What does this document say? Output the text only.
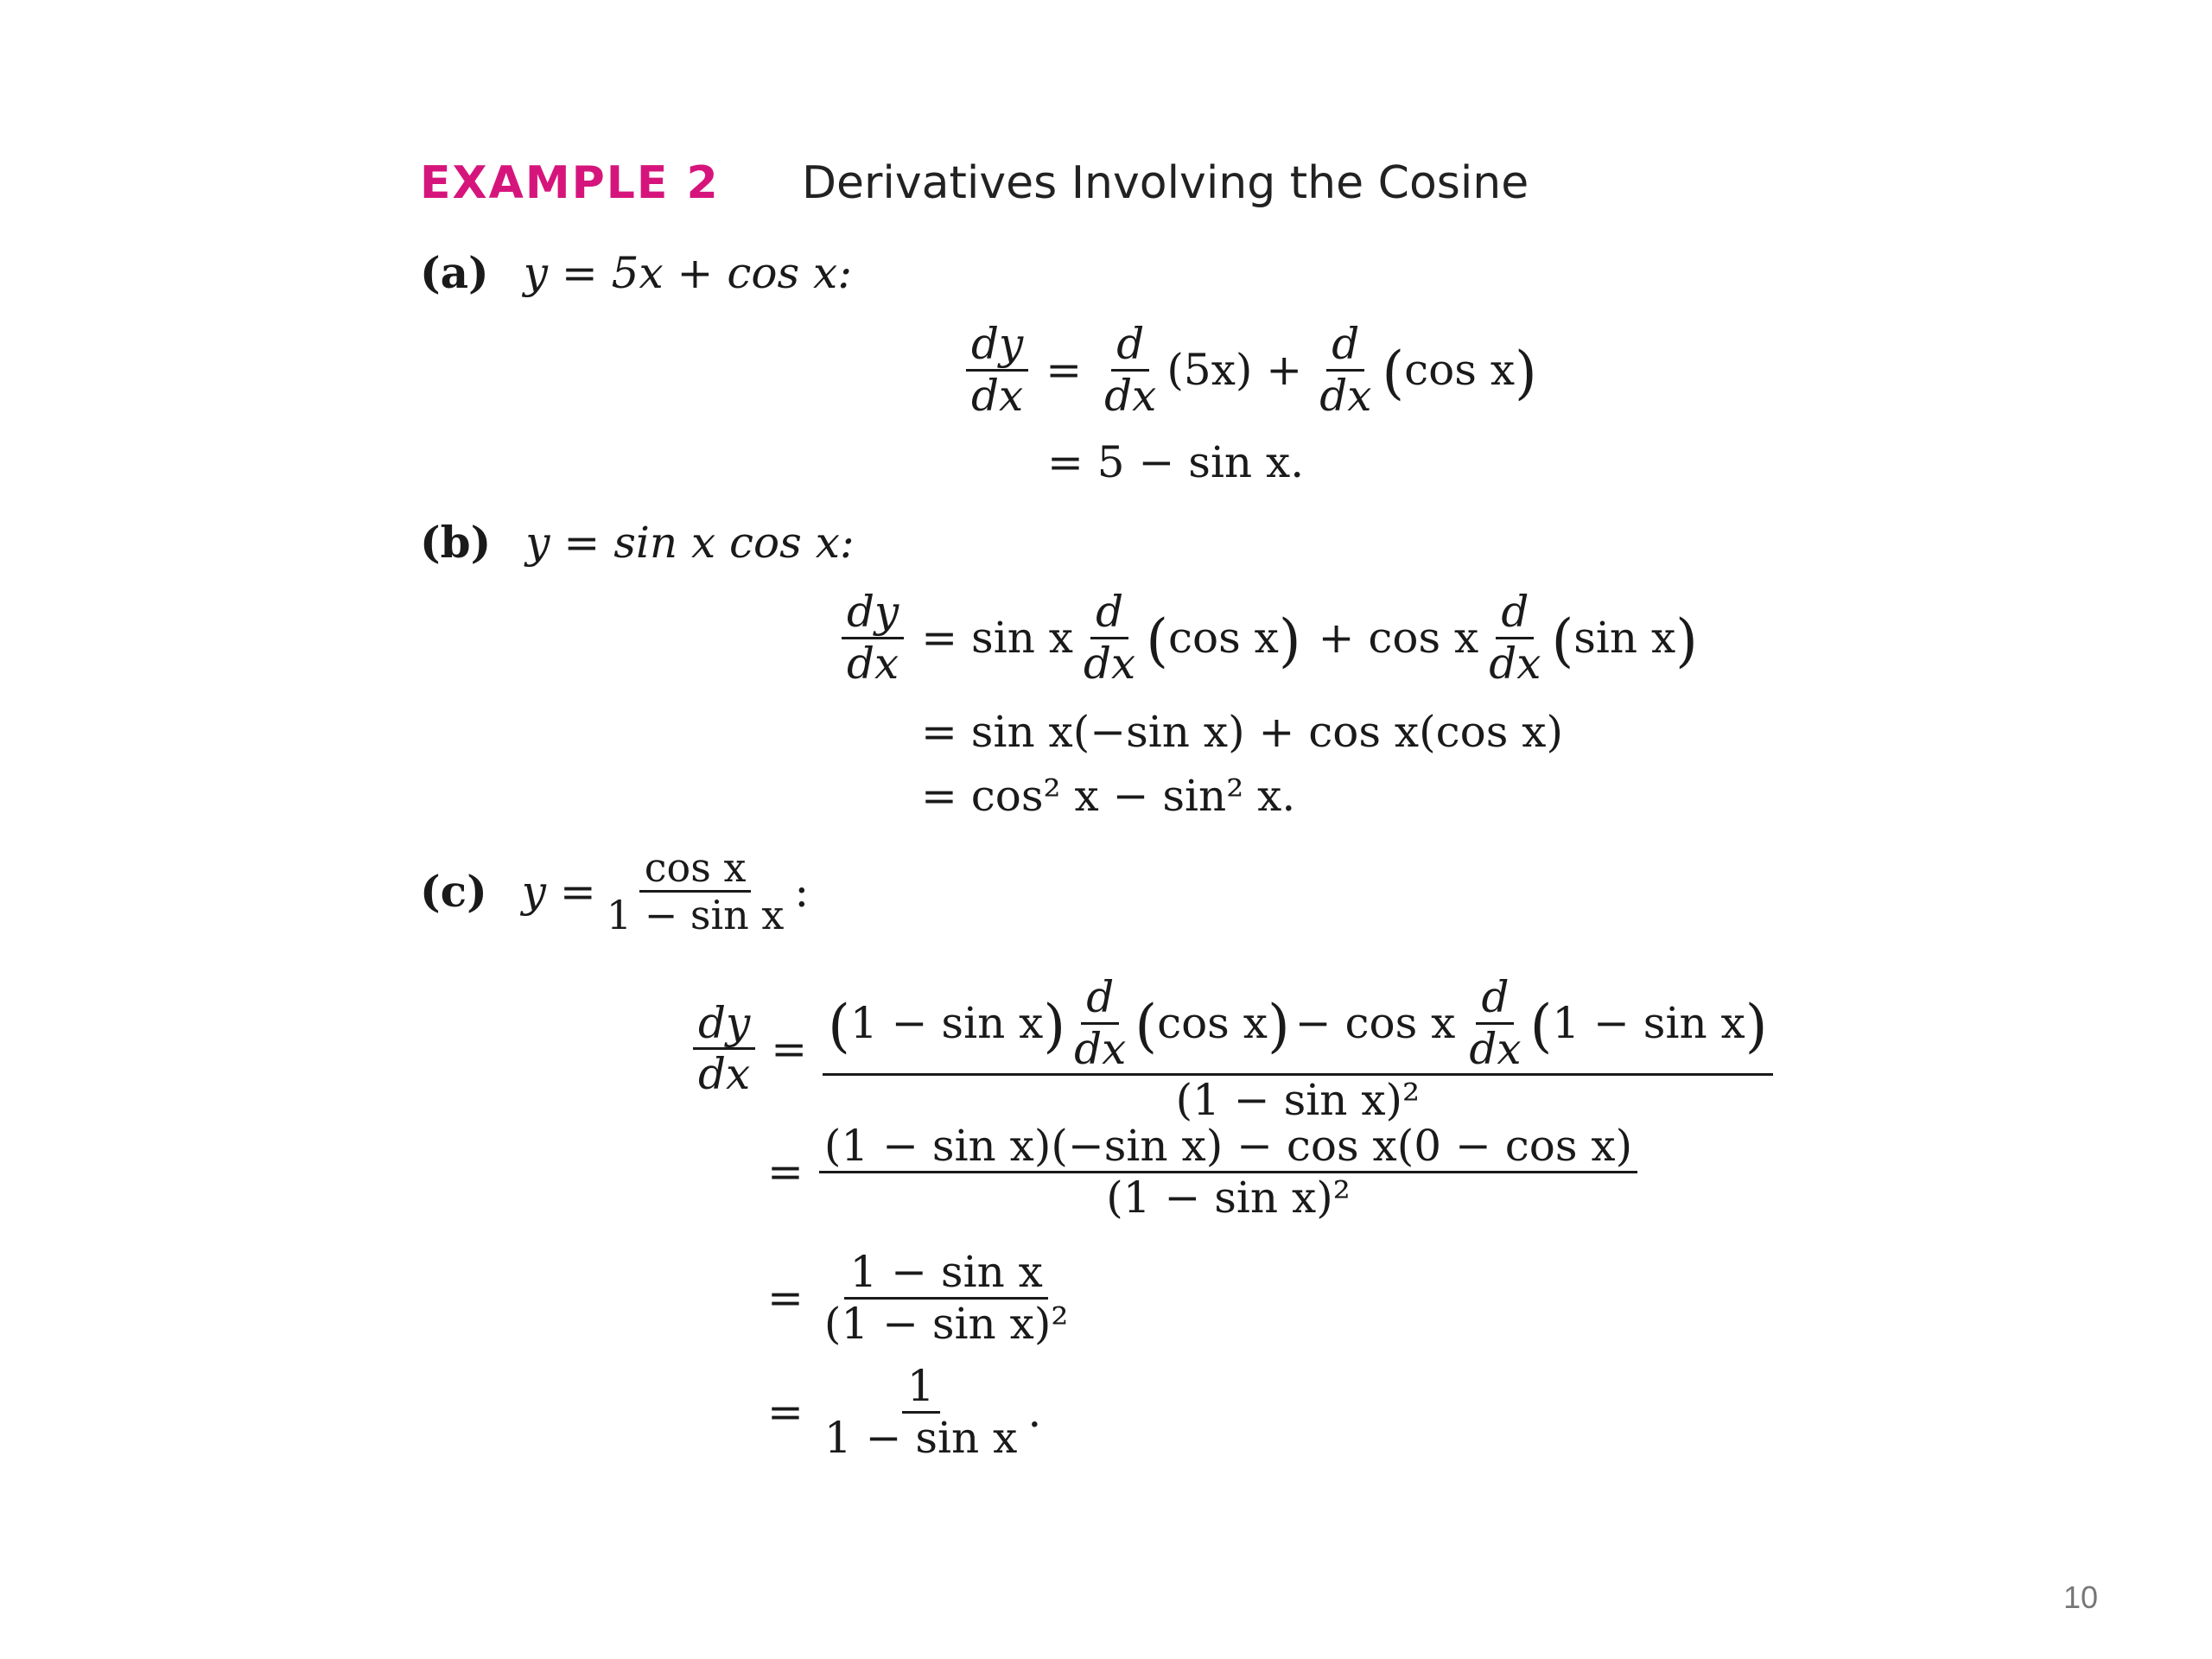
EXAMPLE 2 Derivatives Involving the Cosine
(a) y = 5x + cos x:
$\frac{dy}{dx} = \frac{d}{dx} (5x) + \frac{d}{dx}$ ( cos x )
= 5 − sin x.
(b) y = sin x cos x:
$\frac{dy}{dx} = \sin x \frac{d}{dx}$ ( cos x ) + cos x $\frac{d}{dx}$ ( sin x )
= sin x(−sin x) + cos x(cos x)
= cos² x − sin² x.
(c) $y = \frac{\text{cos x}}{\text{1 − sin x}}$ :
$\frac{dy}{dx}$ = ( 1 − sin x ) $\frac{d}{dx}$ ( cos x ) − cos x $\frac{d}{dx}$ ( 1 − sin x )
(1 − sin x)²
= $\frac{\text{(1 − sin x)(−sin x) − cos x(0 − cos x)}}{\text{(1 − sin x)²}}$
= $\frac{\text{1 − sin x}}{\text{(1 − sin x)²}}$
= $\frac{1}{\text{1 − sin x}}$ .
10
